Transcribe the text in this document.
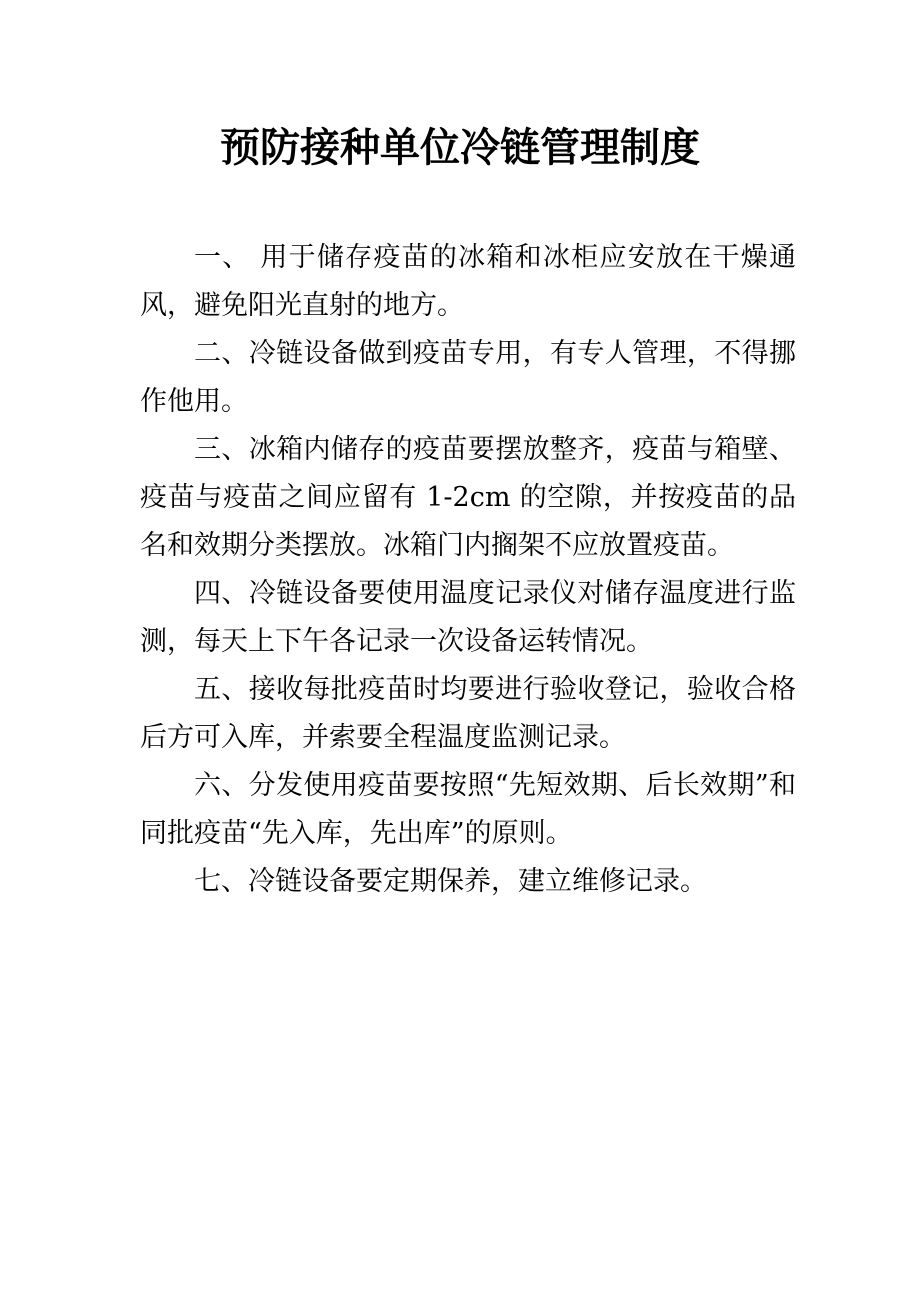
预防接种单位冷链管理制度

一、 用于储存疫苗的冰箱和冰柜应安放在干燥通风，避免阳光直射的地方。

二、冷链设备做到疫苗专用，有专人管理，不得挪作他用。

三、冰箱内储存的疫苗要摆放整齐，疫苗与箱壁、疫苗与疫苗之间应留有 1-2cm 的空隙，并按疫苗的品名和效期分类摆放。冰箱门内搁架不应放置疫苗。

四、冷链设备要使用温度记录仪对储存温度进行监测，每天上下午各记录一次设备运转情况。

五、接收每批疫苗时均要进行验收登记，验收合格后方可入库，并索要全程温度监测记录。

六、分发使用疫苗要按照“先短效期、后长效期”和同批疫苗“先入库，先出库”的原则。

七、冷链设备要定期保养，建立维修记录。
